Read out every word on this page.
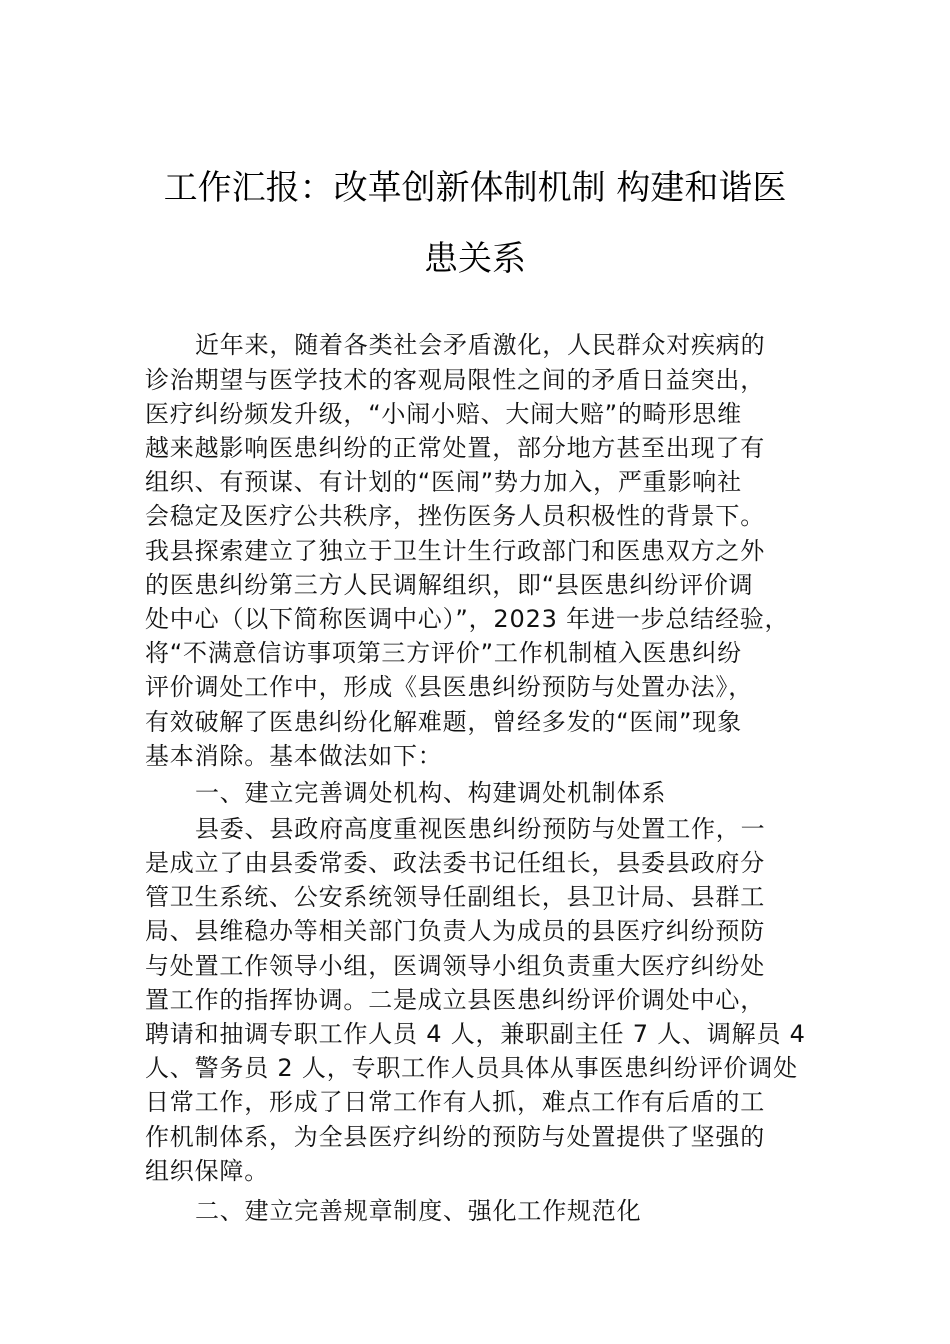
工作汇报：改革创新体制机制 构建和谐医
患关系
近年来，随着各类社会矛盾激化，人民群众对疾病的
诊治期望与医学技术的客观局限性之间的矛盾日益突出，
医疗纠纷频发升级，“小闹小赔、大闹大赔”的畸形思维
越来越影响医患纠纷的正常处置，部分地方甚至出现了有
组织、有预谋、有计划的“医闹”势力加入，严重影响社
会稳定及医疗公共秩序，挫伤医务人员积极性的背景下。
我县探索建立了独立于卫生计生行政部门和医患双方之外
的医患纠纷第三方人民调解组织，即“县医患纠纷评价调
处中心（以下简称医调中心）”，2023 年进一步总结经验，
将“不满意信访事项第三方评价”工作机制植入医患纠纷
评价调处工作中，形成《县医患纠纷预防与处置办法》，
有效破解了医患纠纷化解难题，曾经多发的“医闹”现象
基本消除。基本做法如下：
一、建立完善调处机构、构建调处机制体系
县委、县政府高度重视医患纠纷预防与处置工作，一
是成立了由县委常委、政法委书记任组长，县委县政府分
管卫生系统、公安系统领导任副组长，县卫计局、县群工
局、县维稳办等相关部门负责人为成员的县医疗纠纷预防
与处置工作领导小组，医调领导小组负责重大医疗纠纷处
置工作的指挥协调。二是成立县医患纠纷评价调处中心，
聘请和抽调专职工作人员 4 人，兼职副主任 7 人、调解员 4
人、警务员 2 人，专职工作人员具体从事医患纠纷评价调处
日常工作，形成了日常工作有人抓，难点工作有后盾的工
作机制体系，为全县医疗纠纷的预防与处置提供了坚强的
组织保障。
二、建立完善规章制度、强化工作规范化
